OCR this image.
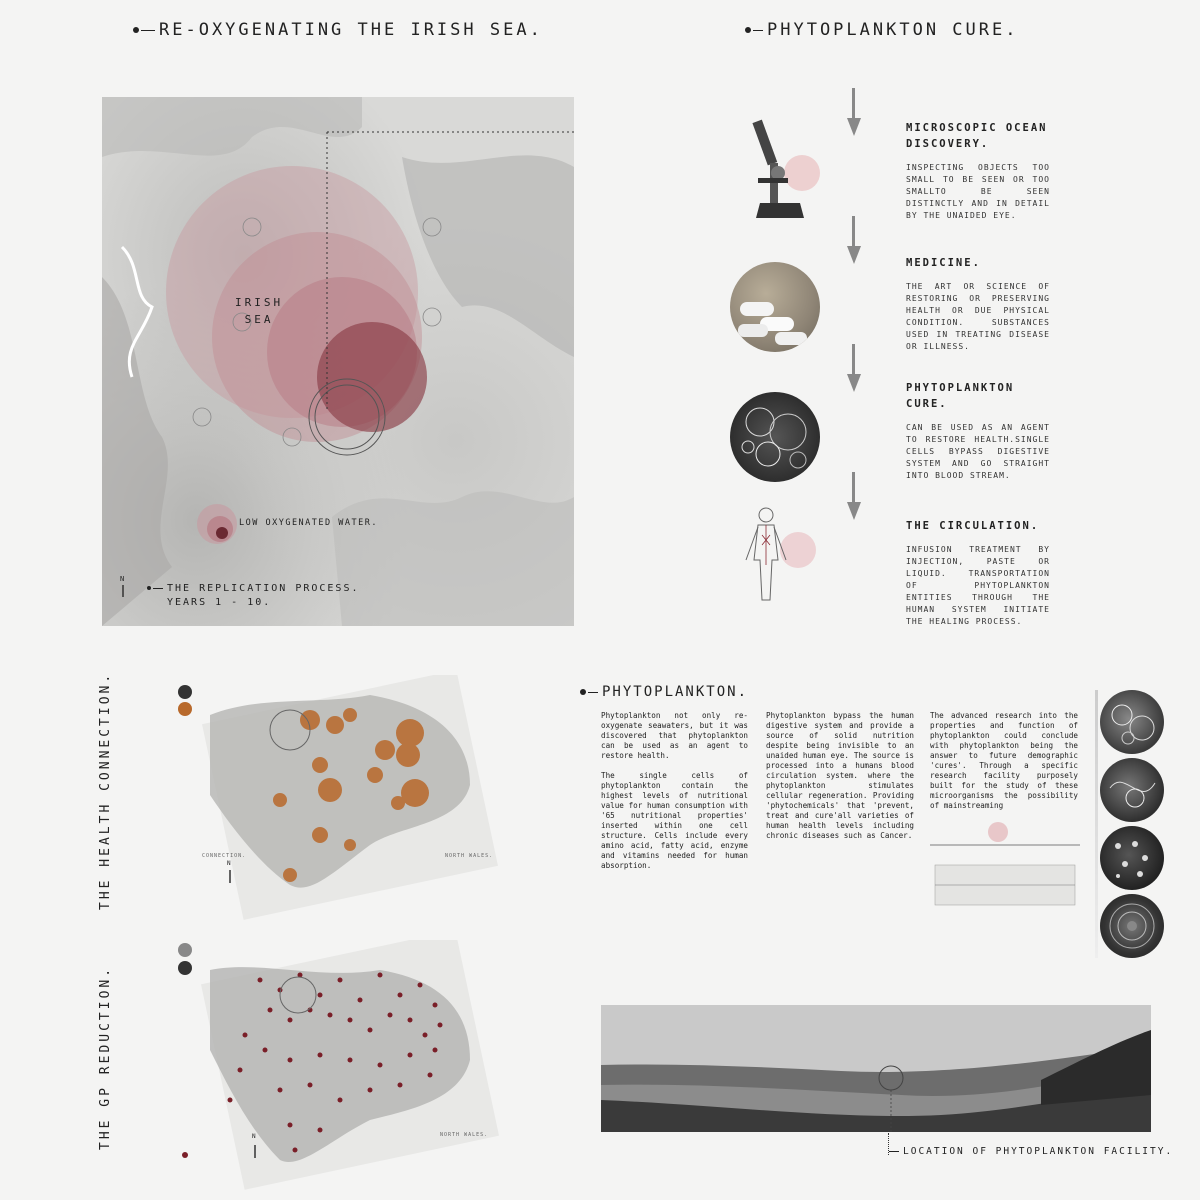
RE-OXYGENATING THE IRISH SEA.	PHYTOPLANKTON CURE.
IRISH
SEA
LOW OXYGENATED WATER.
N
THE REPLICATION PROCESS.
YEARS 1 - 10.
MICROSCOPIC OCEAN DISCOVERY.
INSPECTING OBJECTS TOO SMALL TO BE SEEN OR TOO SMALLTO BE SEEN DISTINCTLY AND IN DETAIL BY THE UNAIDED EYE.
MEDICINE.
THE ART OR SCIENCE OF RESTORING OR PRESERVING HEALTH OR DUE PHYSICAL CONDITION. SUBSTANCES USED IN TREATING DISEASE OR ILLNESS.
PHYTOPLANKTON CURE.
CAN BE USED AS AN AGENT TO RESTORE HEALTH.SINGLE CELLS BYPASS DIGESTIVE SYSTEM AND GO STRAIGHT INTO BLOOD STREAM.
THE CIRCULATION.
INFUSION TREATMENT BY INJECTION, PASTE OR LIQUID. TRANSPORTATION OF PHYTOPLANKTON ENTITIES THROUGH THE HUMAN SYSTEM INITIATE THE HEALING PROCESS.
THE HEALTH CONNECTION.
THE GP REDUCTION.
CONNECTION.	NORTH WALES.
N
NORTH WALES.
N
PHYTOPLANKTON.

Phytoplankton not only re-oxygenate seawaters, but it was discovered that phytoplankton can be used as an agent to restore health.

The single cells of phytoplankton contain the highest levels of nutritional value for human consumption with '65 nutritional properties' inserted within one cell structure. Cells include every amino acid, fatty acid, enzyme and vitamins needed for human absorption.

Phytoplankton bypass the human digestive system and provide a source of solid nutrition despite being invisible to an unaided human eye. The source is processed into a humans blood circulation system. where the phytoplankton stimulates cellular regeneration. Providing 'phytochemicals' that 'prevent, treat and cure'all varieties of human health levels including chronic diseases such as Cancer.

The advanced research into the properties and function of phytoplankton could conclude with phytoplankton being the answer to future demographic 'cures'. Through a specific research facility purposely built for the study of these microorganisms the possibility of mainstreaming

LOCATION OF PHYTOPLANKTON FACILITY.
